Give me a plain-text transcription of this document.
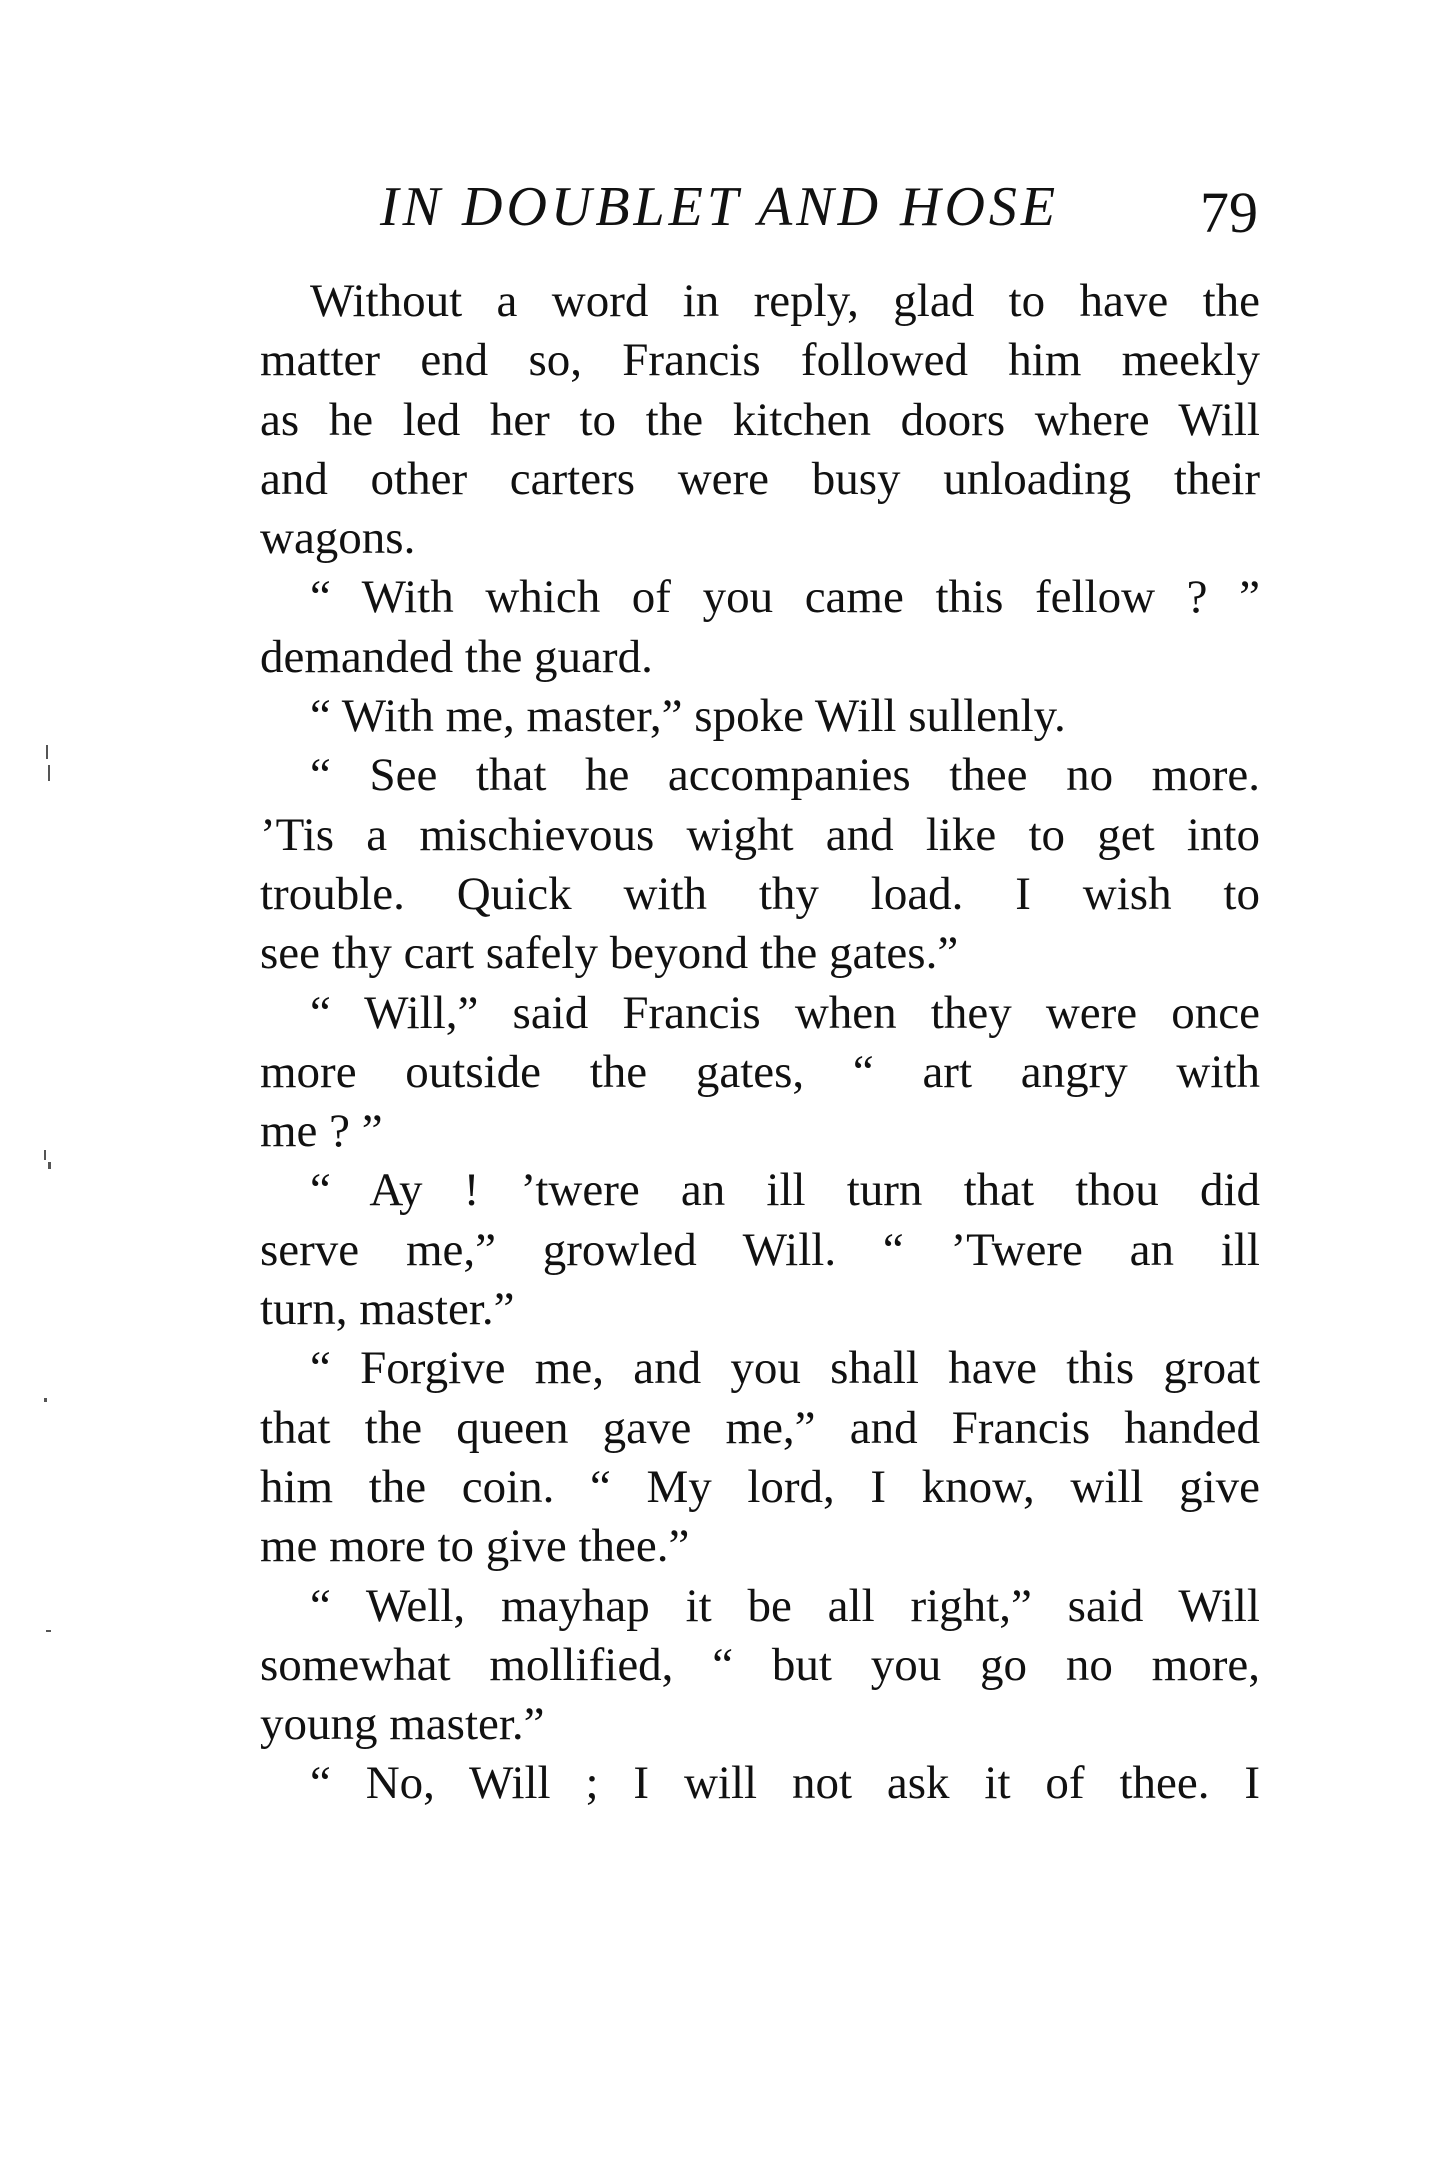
IN DOUBLET AND HOSE 79
Without a word in reply, glad to have the
matter end so, Francis followed him meekly
as he led her to the kitchen doors where Will
and other carters were busy unloading their
wagons.
“ With which of you came this fellow ? ”
demanded the guard.
“ With me, master,” spoke Will sullenly.
“ See that he accompanies thee no more.
’Tis a mischievous wight and like to get into
trouble. Quick with thy load. I wish to
see thy cart safely beyond the gates.”
“ Will,” said Francis when they were once
more outside the gates, “ art angry with
me ? ”
“ Ay ! ’twere an ill turn that thou did
serve me,” growled Will. “ ’Twere an ill
turn, master.”
“ Forgive me, and you shall have this groat
that the queen gave me,” and Francis handed
him the coin. “ My lord, I know, will give
me more to give thee.”
“ Well, mayhap it be all right,” said Will
somewhat mollified, “ but you go no more,
young master.”
“ No, Will ; I will not ask it of thee. I
